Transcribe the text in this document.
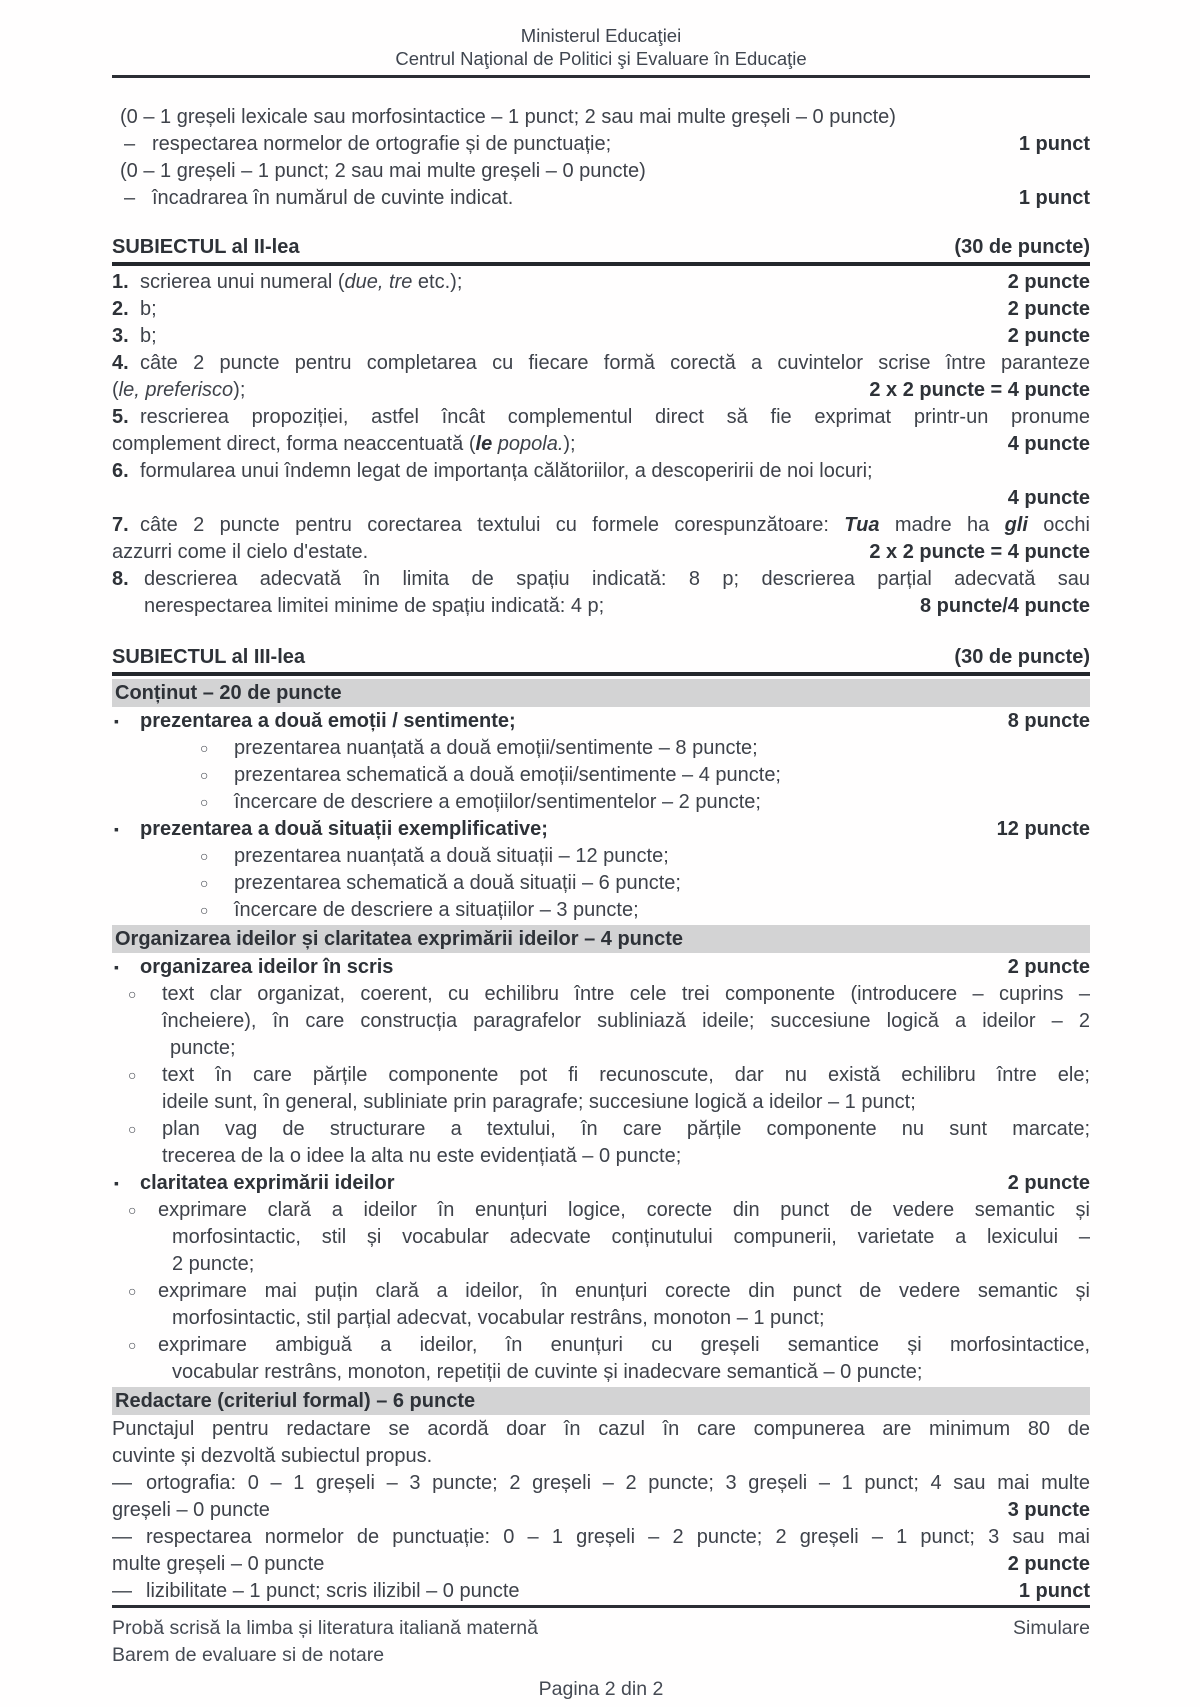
Ministerul Educaţiei
Centrul Naţional de Politici şi Evaluare în Educaţie
(0 – 1 greșeli lexicale sau morfosintactice – 1 punct; 2 sau mai multe greșeli – 0 puncte)
– respectarea normelor de ortografie și de punctuație;	1 punct
(0 – 1 greșeli – 1 punct; 2 sau mai multe greșeli – 0 puncte)
– încadrarea în numărul de cuvinte indicat.	1 punct
SUBIECTUL al II-lea	(30 de puncte)
1. scrierea unui numeral (due, tre etc.);	2 puncte
2. b;	2 puncte
3. b;	2 puncte
4. câte 2 puncte pentru completarea cu fiecare formă corectă a cuvintelor scrise între paranteze
(le, preferisco);	2 x 2 puncte = 4 puncte
5. rescrierea propoziției, astfel încât complementul direct să fie exprimat printr-un pronume
complement direct, forma neaccentuată (le popola.);	4 puncte
6. formularea unui îndemn legat de importanța călătoriilor, a descoperirii de noi locuri;
4 puncte
7. câte 2 puncte pentru corectarea textului cu formele corespunzătoare: Tua madre ha gli occhi
azzurri come il cielo d'estate.	2 x 2 puncte = 4 puncte
8. descrierea adecvată în limita de spațiu indicată: 8 p; descrierea parțial adecvată sau
nerespectarea limitei minime de spațiu indicată: 4 p;	8 puncte/4 puncte
SUBIECTUL al III-lea	(30 de puncte)
Conținut – 20 de puncte
▪ prezentarea a două emoții / sentimente;	8 puncte
○ prezentarea nuanțată a două emoții/sentimente – 8 puncte;
○ prezentarea schematică a două emoții/sentimente – 4 puncte;
○ încercare de descriere a emoțiilor/sentimentelor – 2 puncte;
▪ prezentarea a două situații exemplificative;	12 puncte
○ prezentarea nuanțată a două situații – 12 puncte;
○ prezentarea schematică a două situații – 6 puncte;
○ încercare de descriere a situațiilor – 3 puncte;
Organizarea ideilor și claritatea exprimării ideilor – 4 puncte
▪ organizarea ideilor în scris	2 puncte
○ text clar organizat, coerent, cu echilibru între cele trei componente (introducere – cuprins –
încheiere), în care construcția paragrafelor subliniază ideile; succesiune logică a ideilor – 2
puncte;
○ text în care părțile componente pot fi recunoscute, dar nu există echilibru între ele;
ideile sunt, în general, subliniate prin paragrafe; succesiune logică a ideilor – 1 punct;
○ plan vag de structurare a textului, în care părțile componente nu sunt marcate;
trecerea de la o idee la alta nu este evidențiată – 0 puncte;
▪ claritatea exprimării ideilor	2 puncte
○ exprimare clară a ideilor în enunțuri logice, corecte din punct de vedere semantic și
morfosintactic, stil și vocabular adecvate conținutului compunerii, varietate a lexicului –
2 puncte;
○ exprimare mai puțin clară a ideilor, în enunțuri corecte din punct de vedere semantic și
morfosintactic, stil parțial adecvat, vocabular restrâns, monoton – 1 punct;
○ exprimare ambiguă a ideilor, în enunțuri cu greșeli semantice și morfosintactice,
vocabular restrâns, monoton, repetiții de cuvinte și inadecvare semantică – 0 puncte;
Redactare (criteriul formal) – 6 puncte
Punctajul pentru redactare se acordă doar în cazul în care compunerea are minimum 80 de
cuvinte și dezvoltă subiectul propus.
— ortografia: 0 – 1 greșeli – 3 puncte; 2 greșeli – 2 puncte; 3 greșeli – 1 punct; 4 sau mai multe
greșeli – 0 puncte	3 puncte
— respectarea normelor de punctuație: 0 – 1 greșeli – 2 puncte; 2 greșeli – 1 punct; 3 sau mai
multe greșeli – 0 puncte	2 puncte
— lizibilitate – 1 punct; scris ilizibil – 0 puncte	1 punct
Probă scrisă la limba și literatura italiană maternă	Simulare
Barem de evaluare si de notare
Pagina 2 din 2
